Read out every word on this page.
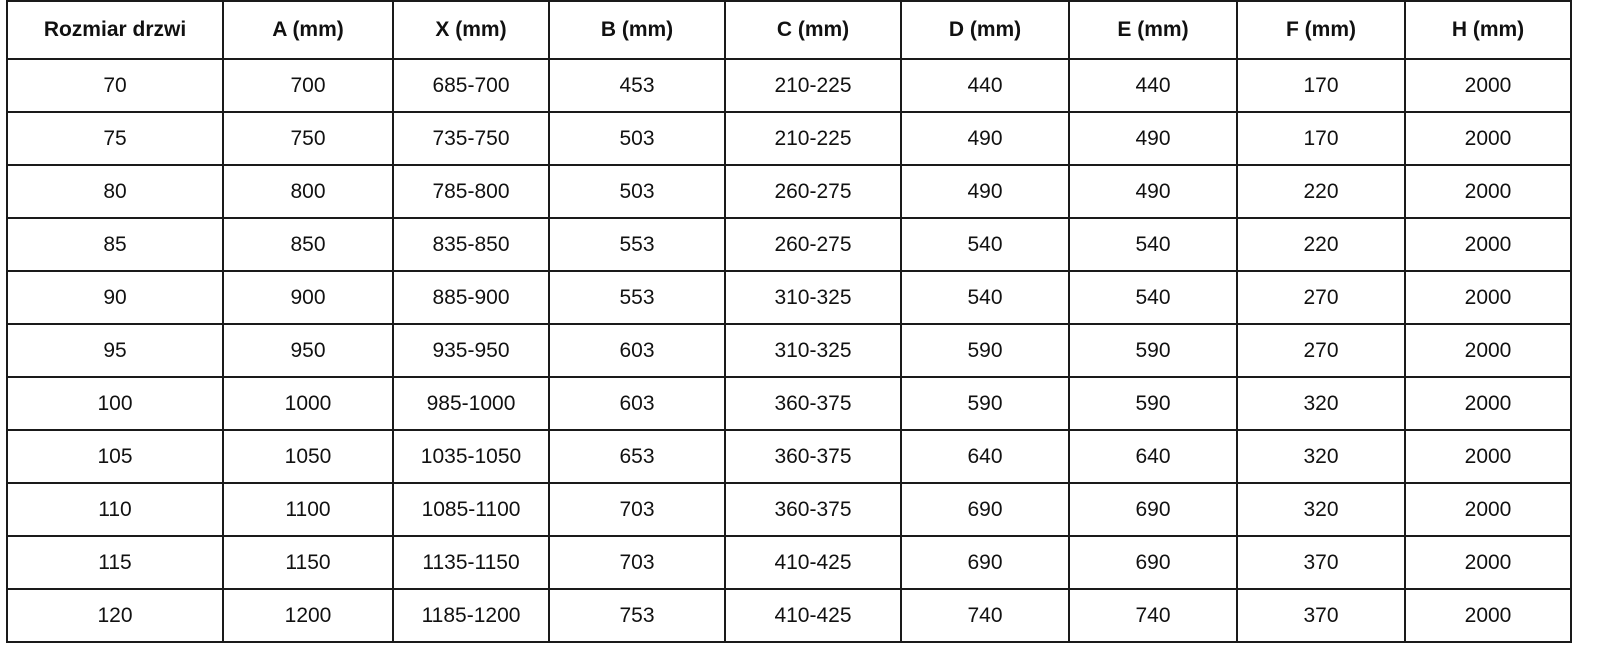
Rozmiar drzwi	A (mm)	X (mm)	B (mm)	C (mm)	D (mm)	E (mm)	F (mm)	H (mm)
70	700	685-700	453	210-225	440	440	170	2000
75	750	735-750	503	210-225	490	490	170	2000
80	800	785-800	503	260-275	490	490	220	2000
85	850	835-850	553	260-275	540	540	220	2000
90	900	885-900	553	310-325	540	540	270	2000
95	950	935-950	603	310-325	590	590	270	2000
100	1000	985-1000	603	360-375	590	590	320	2000
105	1050	1035-1050	653	360-375	640	640	320	2000
110	1100	1085-1100	703	360-375	690	690	320	2000
115	1150	1135-1150	703	410-425	690	690	370	2000
120	1200	1185-1200	753	410-425	740	740	370	2000
